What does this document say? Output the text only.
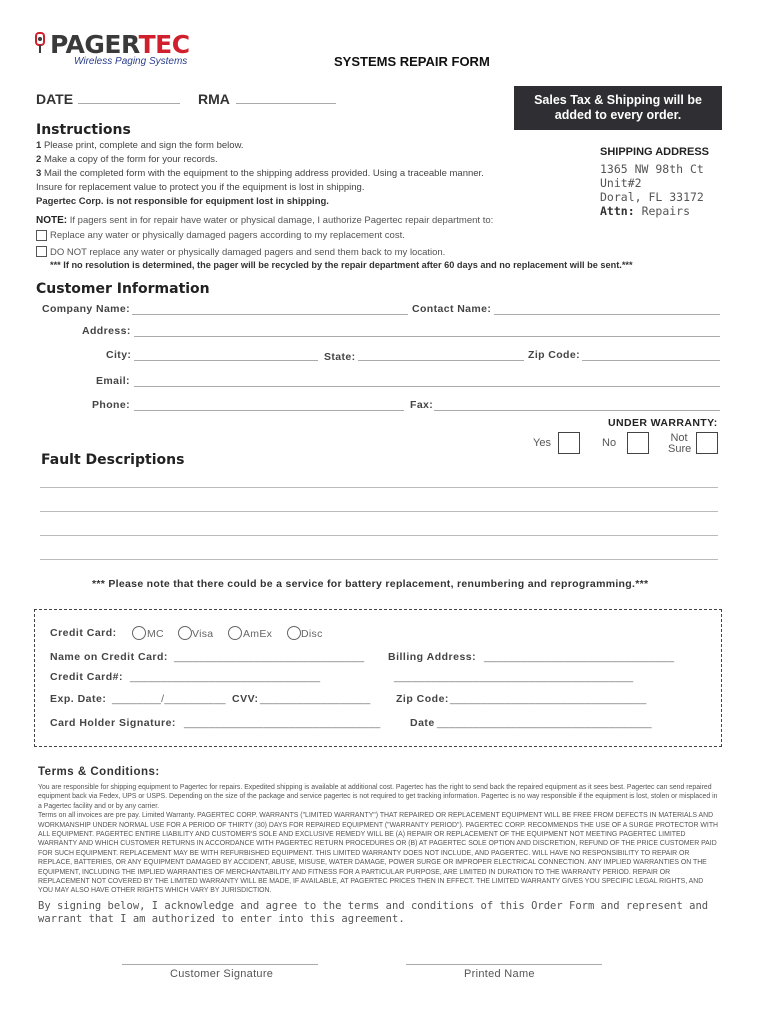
PAGERTEC
Wireless Paging Systems	SYSTEMS REPAIR FORM
DATE	RMA	Sales Tax & Shipping will be added to every order.
Instructions
1 Please print, complete and sign the form below.
2 Make a copy of the form for your records.
3 Mail the completed form with the equipment to the shipping address provided. Using a traceable manner.
Insure for replacement value to protect you if the equipment is lost in shipping.
Pagertec Corp. is not responsible for equipment lost in shipping.
SHIPPING ADDRESS
1365 NW 98th Ct
Unit#2
Doral, FL 33172
Attn: Repairs
NOTE: If pagers sent in for repair have water or physical damage, I authorize Pagertec repair department to:
Replace any water or physically damaged pagers according to my replacement cost.
DO NOT replace any water or physically damaged pagers and send them back to my location.
*** If no resolution is determined, the pager will be recycled by the repair department after 60 days and no replacement will be sent.***
Customer Information
Company Name:	Contact Name:
Address:
City:	State:	Zip Code:
Email:
Phone:	Fax:
UNDER WARRANTY:
Yes	No	Not
Sure
Fault Descriptions
*** Please note that there could be a service for battery replacement, renumbering and reprogramming.***
Credit Card:	MC	Visa	AmEx	Disc
Name on Credit Card: _______________________________ Billing Address: _______________________________
Credit Card#: _______________________________	_______________________________________
Exp. Date: ________/__________ CVV: __________________ Zip Code: ________________________________
Card Holder Signature: ________________________________	Date ___________________________________
Terms & Conditions:
You are responsible for shipping equipment to Pagertec for repairs. Expedited shipping is available at additional cost. Pagertec has the right to send back the repaired equipment as it sees best. Pagertec can send repaired equipment back via Fedex, UPS or USPS. Depending on the size of the package and service pagertec is not required to get tracking information. Pagertec is no way responsible if the equipment is lost, stolen or misplaced in a Pagertec facility and or by any carrier.
Terms on all invoices are pre pay. Limited Warranty. PAGERTEC CORP. WARRANTS ("LIMITED WARRANTY") THAT REPAIRED OR REPLACEMENT EQUIPMENT WILL BE FREE FROM DEFECTS IN MATERIALS AND WORKMANSHIP UNDER NORMAL USE FOR A PERIOD OF THIRTY (30) DAYS FOR REPAIRED EQUIPMENT ("WARRANTY PERIOD"). PAGERTEC CORP. RECOMMENDS THE USE OF A SURGE PROTECTOR WITH ALL EQUIPMENT. PAGERTEC ENTIRE LIABILITY AND CUSTOMER'S SOLE AND EXCLUSIVE REMEDY WILL BE (A) REPAIR OR REPLACEMENT OF THE EQUIPMENT NOT MEETING PAGERTEC LIMITED WARRANTY AND WHICH CUSTOMER RETURNS IN ACCORDANCE WITH PAGERTEC RETURN PROCEDURES OR (B) AT PAGERTEC SOLE OPTION AND DISCRETION, REFUND OF THE PRICE CUSTOMER PAID FOR SUCH EQUIPMENT. REPLACEMENT MAY BE WITH REFURBISHED EQUIPMENT. THIS LIMITED WARRANTY DOES NOT INCLUDE, AND PAGERTEC. WILL HAVE NO RESPONSIBILITY TO REPAIR OR REPLACE, BATTERIES, OR ANY EQUIPMENT DAMAGED BY ACCIDENT, ABUSE, MISUSE, WATER DAMAGE, POWER SURGE OR IMPROPER ELECTRICAL CONNECTION. ANY IMPLIED WARRANTIES ON THE EQUIPMENT, INCLUDING THE IMPLIED WARRANTIES OF MERCHANTABILITY AND FITNESS FOR A PARTICULAR PURPOSE, ARE LIMITED IN DURATION TO THE WARRANTY PERIOD. REPAIR OR REPLACEMENT NOT COVERED BY THE LIMITED WARRANTY WILL BE MADE, IF AVAILABLE, AT PAGERTEC PRICES THEN IN EFFECT. THE LIMITED WARRANTY GIVES YOU SPECIFIC LEGAL RIGHTS, AND YOU MAY ALSO HAVE OTHER RIGHTS WHICH VARY BY JURISDICTION.
By signing below, I acknowledge and agree to the terms and conditions of this Order Form and represent and warrant that I am authorized to enter into this agreement.
Customer Signature	Printed Name
